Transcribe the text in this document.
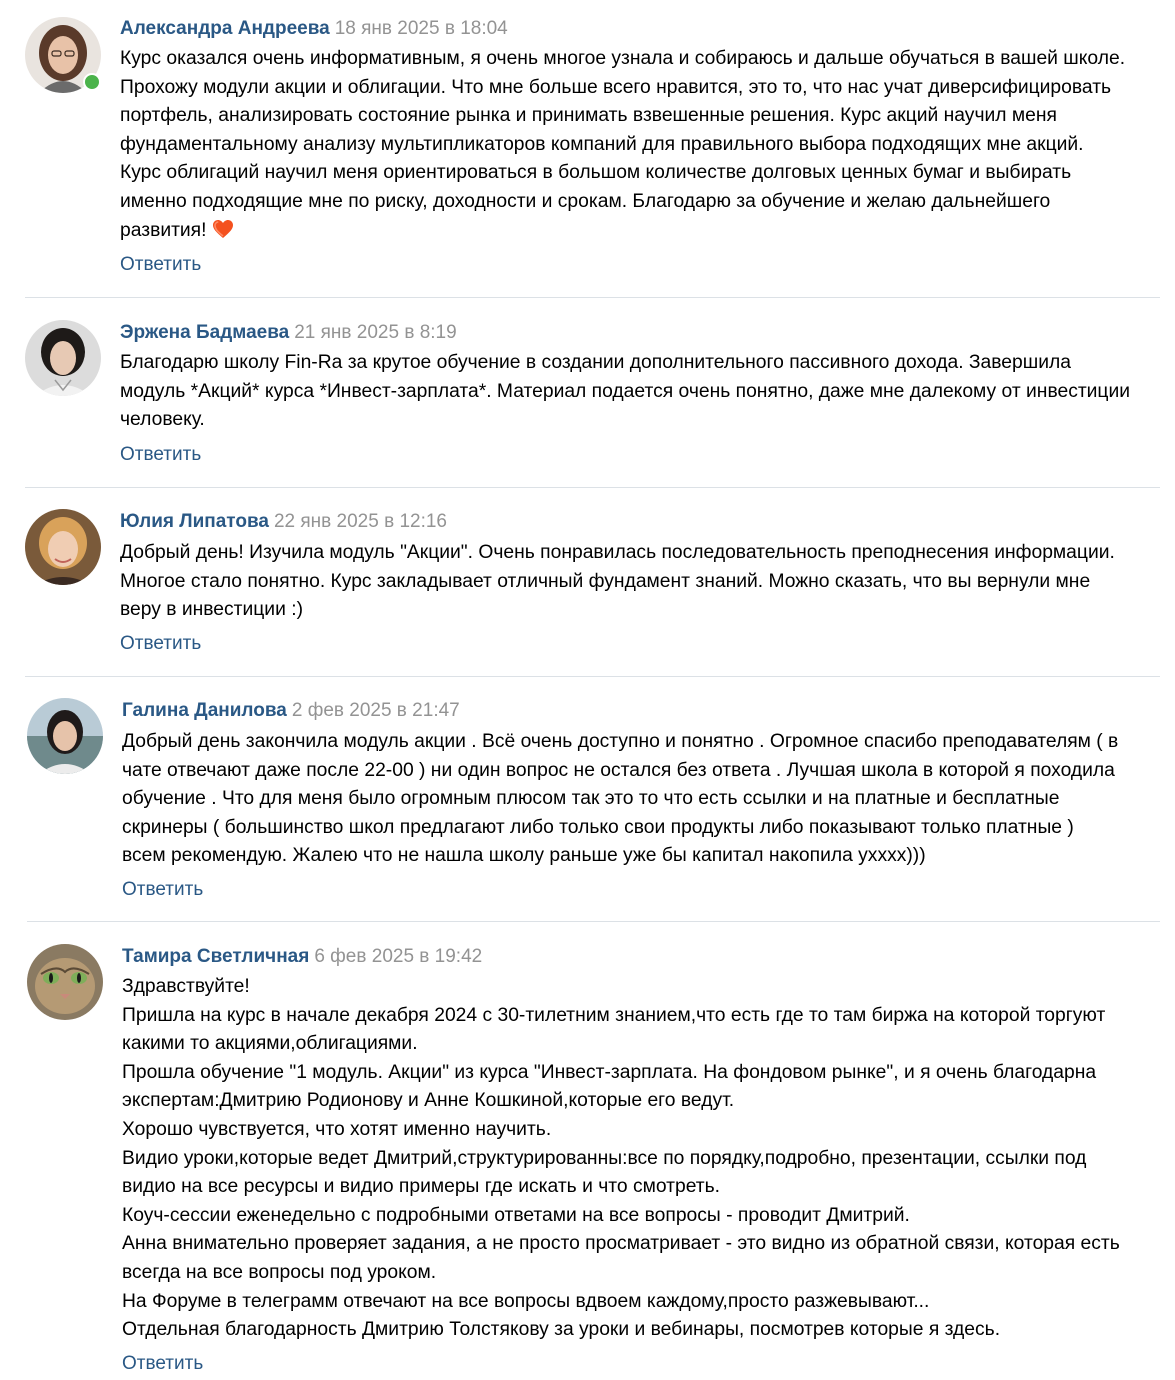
Александра Андреева 18 янв 2025 в 18:04
Курс оказался очень информативным, я очень многое узнала и собираюсь и дальше обучаться в вашей школе.
Прохожу модули акции и облигации. Что мне больше всего нравится, это то, что нас учат диверсифицировать
портфель, анализировать состояние рынка и принимать взвешенные решения. Курс акций научил меня
фундаментальному анализу мультипликаторов компаний для правильного выбора подходящих мне акций.
Курс облигаций научил меня ориентироваться в большом количестве долговых ценных бумаг и выбирать
именно подходящие мне по риску, доходности и срокам. Благодарю за обучение и желаю дальнейшего
развития!
Ответить
Эржена Бадмаева 21 янв 2025 в 8:19
Благодарю школу Fin-Ra за крутое обучение в создании дополнительного пассивного дохода. Завершила
модуль *Акций* курса *Инвест-зарплата*. Материал подается очень понятно, даже мне далекому от инвестиции
человеку.
Ответить
Юлия Липатова 22 янв 2025 в 12:16
Добрый день! Изучила модуль "Акции". Очень понравилась последовательность преподнесения информации.
Многое стало понятно. Курс закладывает отличный фундамент знаний. Можно сказать, что вы вернули мне
веру в инвестиции :)
Ответить
Галина Данилова 2 фев 2025 в 21:47
Добрый день закончила модуль акции . Всё очень доступно и понятно . Огромное спасибо преподавателям ( в
чате отвечают даже после 22-00 ) ни один вопрос не остался без ответа . Лучшая школа в которой я походила
обучение . Что для меня было огромным плюсом так это то что есть ссылки и на платные и бесплатные
скринеры ( большинство школ предлагают либо только свои продукты либо показывают только платные )
всем рекомендую. Жалею что не нашла школу раньше уже бы капитал накопила уxxxx)))
Ответить
Тамира Светличная 6 фев 2025 в 19:42
Здравствуйте!
Пришла на курс в начале декабря 2024 с 30-тилетним знанием,что есть где то там биржа на которой торгуют
какими то акциями,облигациями.
Прошла обучение "1 модуль. Акции" из курса "Инвест-зарплата. На фондовом рынке", и я очень благодарна
экспертам:Дмитрию Родионову и Анне Кошкиной,которые его ведут.
Хорошо чувствуется, что хотят именно научить.
Видио уроки,которые ведет Дмитрий,структурированны:все по порядку,подробно, презентации, ссылки под
видио на все ресурсы и видио примеры где искать и что смотреть.
Коуч-сессии еженедельно с подробными ответами на все вопросы - проводит Дмитрий.
Анна внимательно проверяет задания, а не просто просматривает - это видно из обратной связи, которая есть
всегда на все вопросы под уроком.
На Форуме в телеграмм отвечают на все вопросы вдвоем каждому,просто разжевывают...
Отдельная благодарность Дмитрию Толстякову за уроки и вебинары, посмотрев которые я здесь.
Ответить
